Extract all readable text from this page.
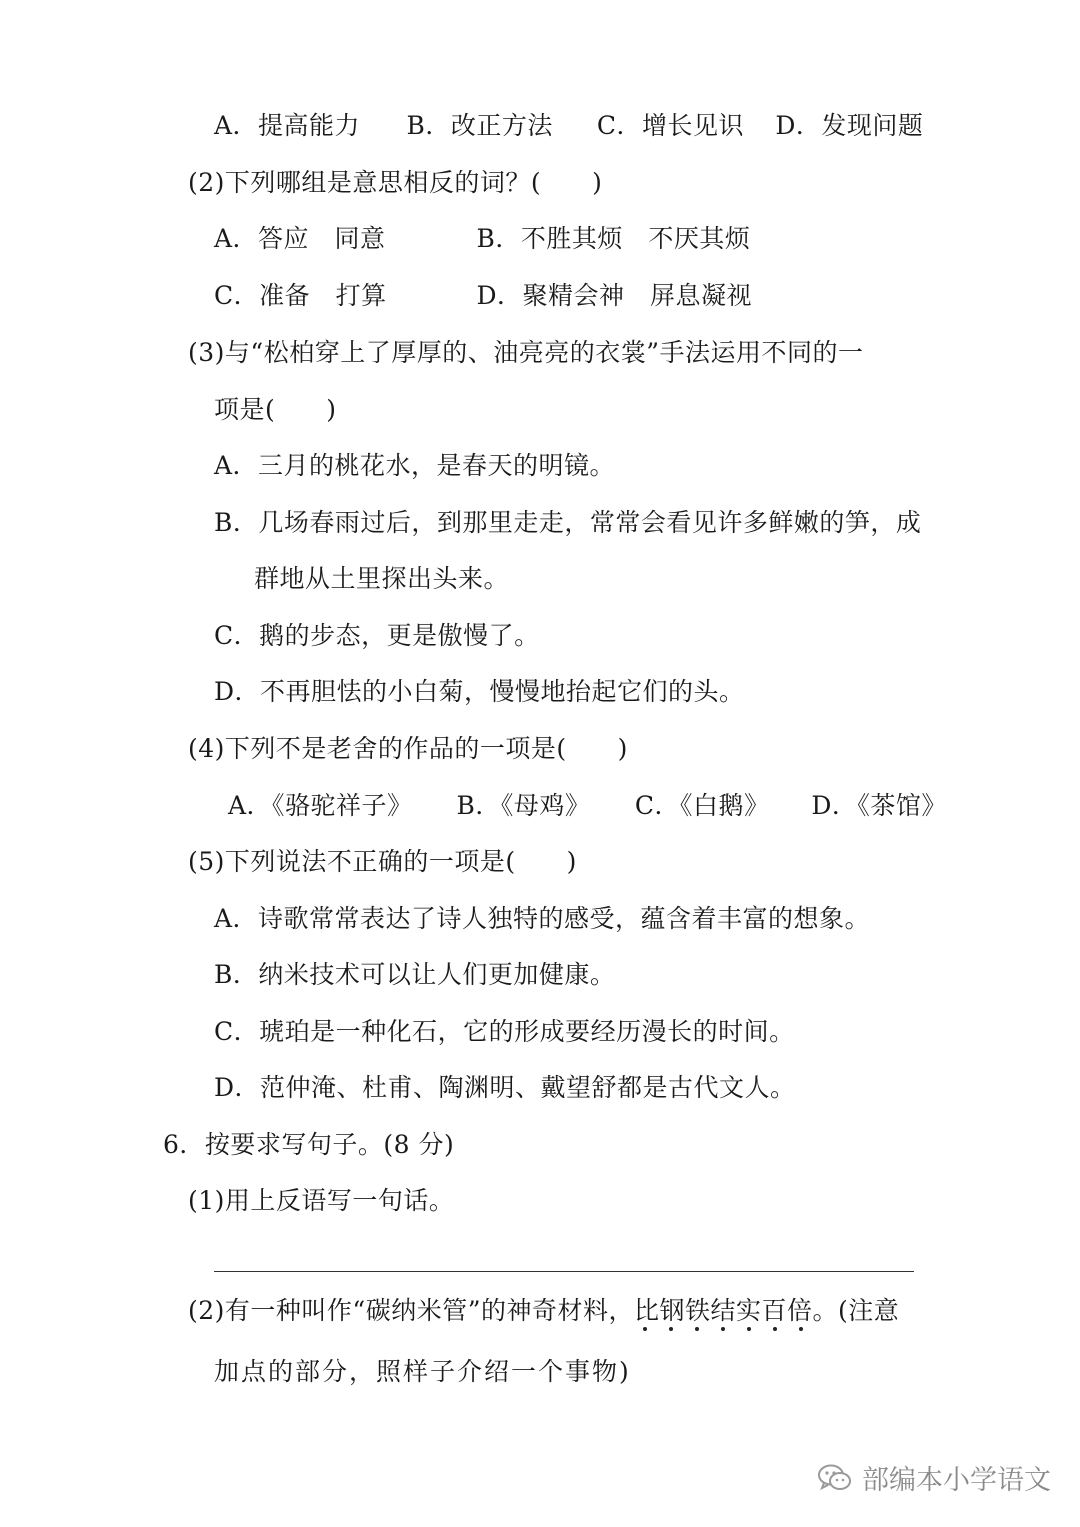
A．提高能力 B．改正方法 C．增长见识 D．发现问题
(2)下列哪组是意思相反的词？(　　)
A．答应　同意	B．不胜其烦　不厌其烦
C．准备　打算	D．聚精会神　屏息凝视
(3)与“松柏穿上了厚厚的、油亮亮的衣裳”手法运用不同的一
项是(　　)
A．三月的桃花水，是春天的明镜。
B．几场春雨过后，到那里走走，常常会看见许多鲜嫩的笋，成
群地从土里探出头来。
C．鹅的步态，更是傲慢了。
D．不再胆怯的小白菊，慢慢地抬起它们的头。
(4)下列不是老舍的作品的一项是(　　)
A．《骆驼祥子》 B．《母鸡》 C．《白鹅》 D．《茶馆》
(5)下列说法不正确的一项是(　　)
A．诗歌常常表达了诗人独特的感受，蕴含着丰富的想象。
B．纳米技术可以让人们更加健康。
C．琥珀是一种化石，它的形成要经历漫长的时间。
D．范仲淹、杜甫、陶渊明、戴望舒都是古代文人。
6．按要求写句子。(8 分)
(1)用上反语写一句话。
(2)有一种叫作“碳纳米管”的神奇材料，比钢铁结实百倍
。(注意
加点的部分，照样子介绍一个事物)
部编本小学语文
